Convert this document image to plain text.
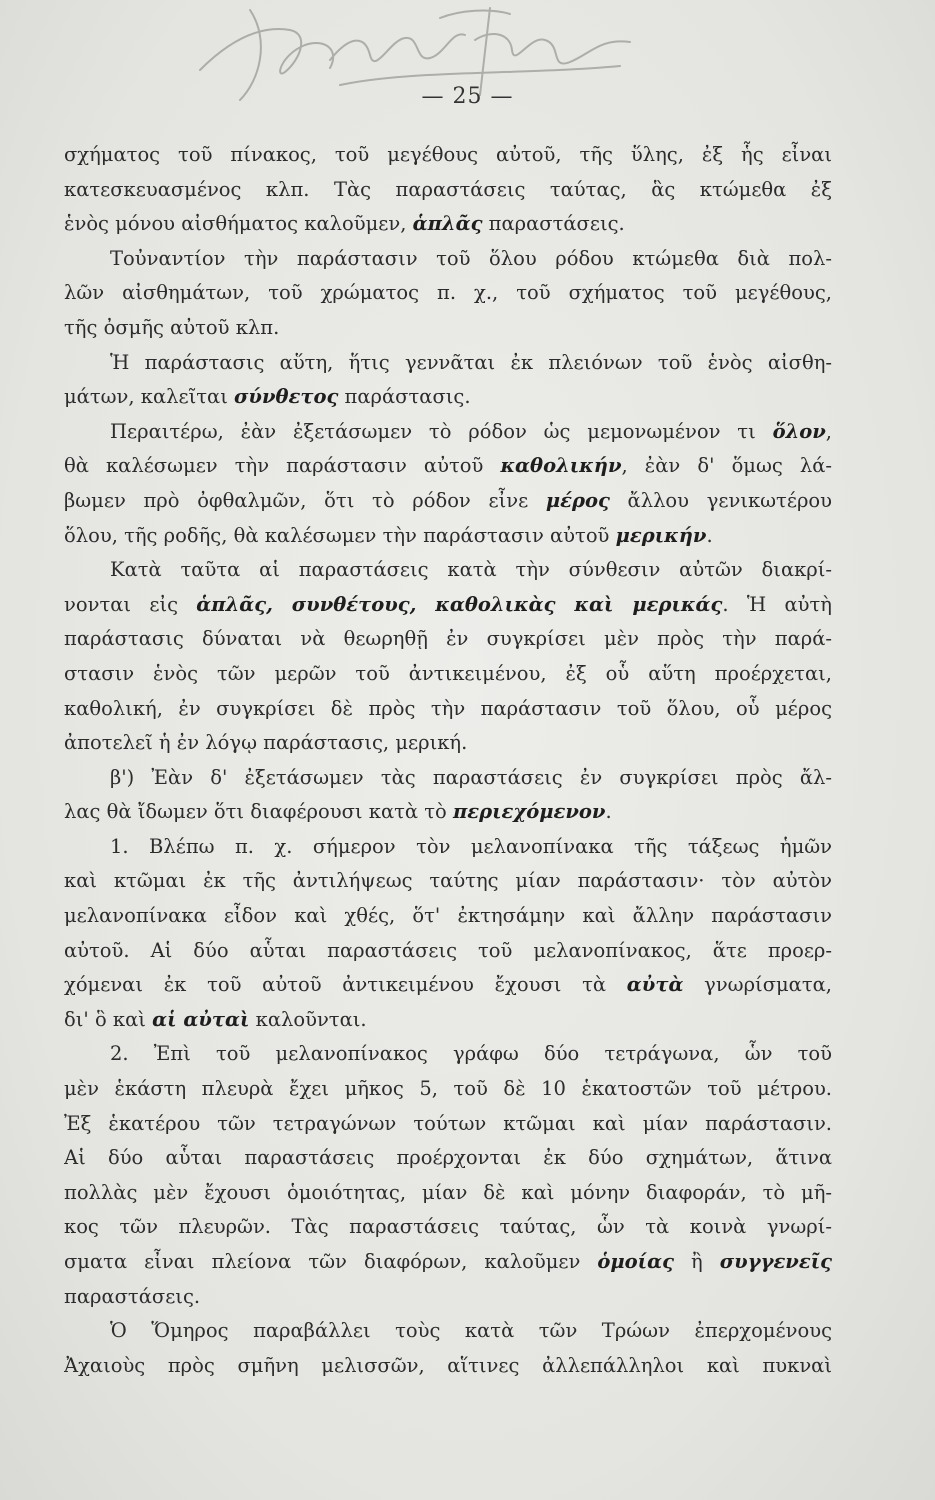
— 25 —
σχήματος τοῦ πίνακος, τοῦ μεγέθους αὐτοῦ, τῆς ὕλης, ἐξ ἧς εἶναι
κατεσκευασμένος κλπ. Τὰς παραστάσεις ταύτας, ἃς κτώμεθα ἐξ
ἑνὸς μόνου αἰσθήματος καλοῦμεν, ἁπλᾶς παραστάσεις.
Τοὐναντίον τὴν παράστασιν τοῦ ὅλου ρόδου κτώμεθα διὰ πολ-
λῶν αἰσθημάτων, τοῦ χρώματος π. χ., τοῦ σχήματος τοῦ μεγέθους,
τῆς ὀσμῆς αὐτοῦ κλπ.
Ἡ παράστασις αὕτη, ἥτις γεννᾶται ἐκ πλειόνων τοῦ ἑνὸς αἰσθη-
μάτων, καλεῖται σύνθετος παράστασις.
Περαιτέρω, ἐὰν ἐξετάσωμεν τὸ ρόδον ὡς μεμονωμένον τι ὅλον,
θὰ καλέσωμεν τὴν παράστασιν αὐτοῦ καθολικήν, ἐὰν δ' ὅμως λά-
βωμεν πρὸ ὀφθαλμῶν, ὅτι τὸ ρόδον εἶνε μέρος ἄλλου γενικωτέρου
ὅλου, τῆς ροδῆς, θὰ καλέσωμεν τὴν παράστασιν αὐτοῦ μερικήν.
Κατὰ ταῦτα αἱ παραστάσεις κατὰ τὴν σύνθεσιν αὐτῶν διακρί-
νονται εἰς ἁπλᾶς, συνθέτους, καθολικὰς καὶ μερικάς. Ἡ αὐτὴ
παράστασις δύναται νὰ θεωρηθῇ ἐν συγκρίσει μὲν πρὸς τὴν παρά-
στασιν ἑνὸς τῶν μερῶν τοῦ ἀντικειμένου, ἐξ οὗ αὕτη προέρχεται,
καθολική, ἐν συγκρίσει δὲ πρὸς τὴν παράστασιν τοῦ ὅλου, οὗ μέρος
ἀποτελεῖ ἡ ἐν λόγῳ παράστασις, μερική.
β') Ἐὰν δ' ἐξετάσωμεν τὰς παραστάσεις ἐν συγκρίσει πρὸς ἄλ-
λας θὰ ἴδωμεν ὅτι διαφέρουσι κατὰ τὸ περιεχόμενον.
1. Βλέπω π. χ. σήμερον τὸν μελανοπίνακα τῆς τάξεως ἡμῶν
καὶ κτῶμαι ἐκ τῆς ἀντιλήψεως ταύτης μίαν παράστασιν· τὸν αὐτὸν
μελανοπίνακα εἶδον καὶ χθές, ὅτ' ἐκτησάμην καὶ ἄλλην παράστασιν
αὐτοῦ. Αἱ δύο αὗται παραστάσεις τοῦ μελανοπίνακος, ἅτε προερ-
χόμεναι ἐκ τοῦ αὐτοῦ ἀντικειμένου ἔχουσι τὰ αὐτὰ γνωρίσματα,
δι' ὃ καὶ αἱ αὐταὶ καλοῦνται.
2. Ἐπὶ τοῦ μελανοπίνακος γράφω δύο τετράγωνα, ὧν τοῦ
μὲν ἑκάστη πλευρὰ ἔχει μῆκος 5, τοῦ δὲ 10 ἑκατοστῶν τοῦ μέτρου.
Ἐξ ἑκατέρου τῶν τετραγώνων τούτων κτῶμαι καὶ μίαν παράστασιν.
Αἱ δύο αὗται παραστάσεις προέρχονται ἐκ δύο σχημάτων, ἅτινα
πολλὰς μὲν ἔχουσι ὁμοιότητας, μίαν δὲ καὶ μόνην διαφοράν, τὸ μῆ-
κος τῶν πλευρῶν. Τὰς παραστάσεις ταύτας, ὧν τὰ κοινὰ γνωρί-
σματα εἶναι πλείονα τῶν διαφόρων, καλοῦμεν ὁμοίας ἢ συγγενεῖς
παραστάσεις.
Ὁ Ὅμηρος παραβάλλει τοὺς κατὰ τῶν Τρώων ἐπερχομένους
Ἀχαιοὺς πρὸς σμῆνη μελισσῶν, αἵτινες ἀλλεπάλληλοι καὶ πυκναὶ
